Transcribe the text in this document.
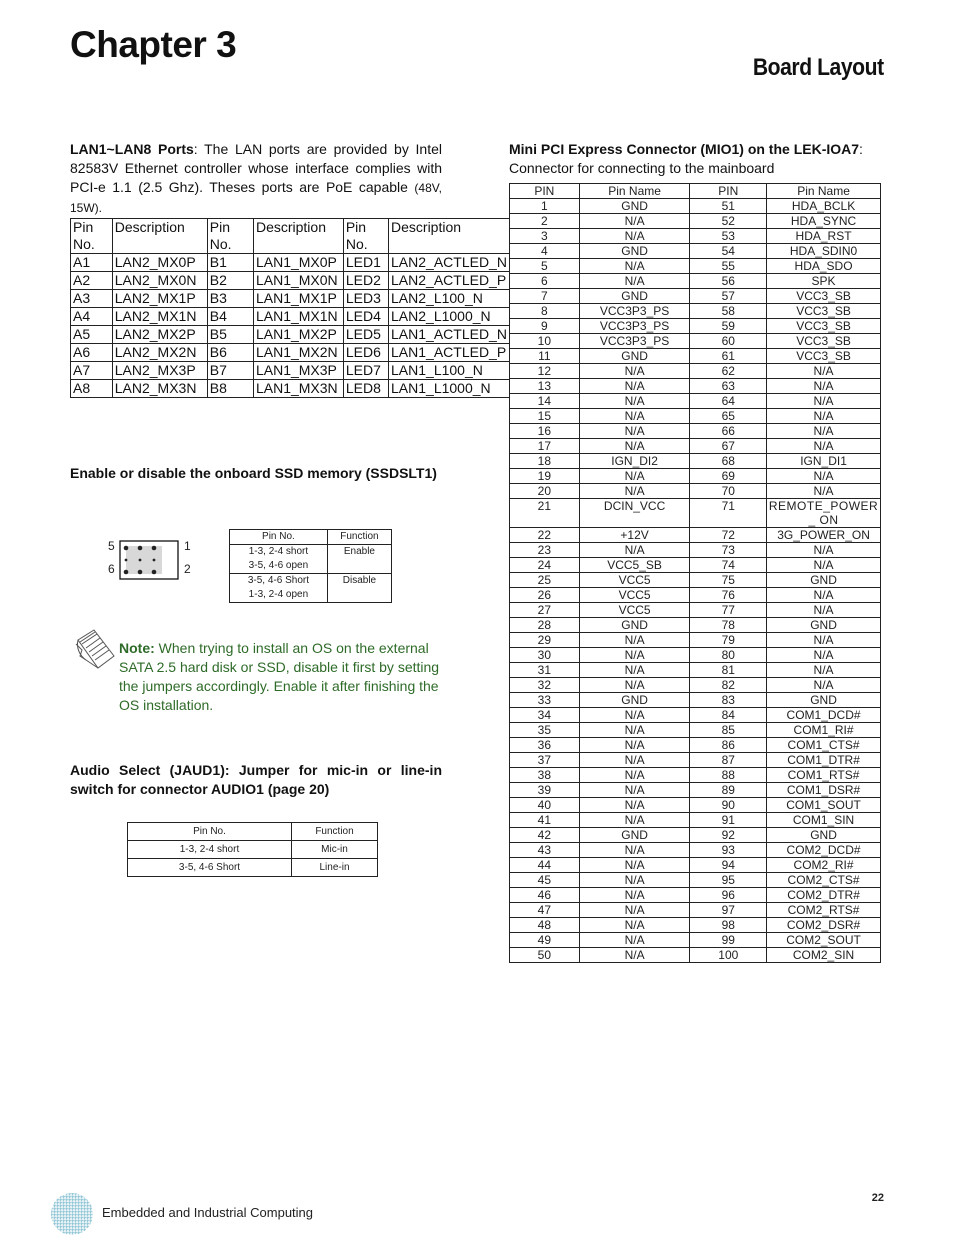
Chapter 3
Board Layout
LAN1~LAN8 Ports: The LAN ports are provided by Intel 82583V Ethernet controller whose interface complies with PCI-e 1.1 (2.5 Ghz). Theses ports are PoE capable (48V, 15W).
Pin No.	Description	Pin No.	Description	Pin No.	Description
A1	LAN2_MX0P	B1	LAN1_MX0P	LED1	LAN2_ACTLED_N
A2	LAN2_MX0N	B2	LAN1_MX0N	LED2	LAN2_ACTLED_P
A3	LAN2_MX1P	B3	LAN1_MX1P	LED3	LAN2_L100_N
A4	LAN2_MX1N	B4	LAN1_MX1N	LED4	LAN2_L1000_N
A5	LAN2_MX2P	B5	LAN1_MX2P	LED5	LAN1_ACTLED_N
A6	LAN2_MX2N	B6	LAN1_MX2N	LED6	LAN1_ACTLED_P
A7	LAN2_MX3P	B7	LAN1_MX3P	LED7	LAN1_L100_N
A8	LAN2_MX3N	B8	LAN1_MX3N	LED8	LAN1_L1000_N
Enable or disable the onboard SSD memory (SSDSLT1)
5
6
1
2
Pin No.	Function

1-3, 2-4 short
3-5, 4-6 open	Enable

3-5, 4-6 Short
1-3, 2-4 open	Disable
Note: When trying to install an OS on the external SATA 2.5 hard disk or SSD, disable it first by setting the jumpers accordingly. Enable it after finishing the OS installation.
Audio Select (JAUD1): Jumper for mic-in or line-in switch for connector AUDIO1 (page 20)
Pin No.	Function
1-3, 2-4 short	Mic-in
3-5, 4-6 Short	Line-in
Mini PCI Express Connector (MIO1) on the LEK-IOA7:
Connector for connecting to the mainboard
PIN	Pin Name	PIN	Pin Name
1	GND	51	HDA_BCLK
2	N/A	52	HDA_SYNC
3	N/A	53	HDA_RST
4	GND	54	HDA_SDIN0
5	N/A	55	HDA_SDO
6	N/A	56	SPK
7	GND	57	VCC3_SB
8	VCC3P3_PS	58	VCC3_SB
9	VCC3P3_PS	59	VCC3_SB
10	VCC3P3_PS	60	VCC3_SB
11	GND	61	VCC3_SB
12	N/A	62	N/A
13	N/A	63	N/A
14	N/A	64	N/A
15	N/A	65	N/A
16	N/A	66	N/A
17	N/A	67	N/A
18	IGN_DI2	68	IGN_DI1
19	N/A	69	N/A
20	N/A	70	N/A
21	DCIN_VCC	71	REMOTE_POWER_ ON
22	+12V	72	3G_POWER_ON
23	N/A	73	N/A
24	VCC5_SB	74	N/A
25	VCC5	75	GND
26	VCC5	76	N/A
27	VCC5	77	N/A
28	GND	78	GND
29	N/A	79	N/A
30	N/A	80	N/A
31	N/A	81	N/A
32	N/A	82	N/A
33	GND	83	GND
34	N/A	84	COM1_DCD#
35	N/A	85	COM1_RI#
36	N/A	86	COM1_CTS#
37	N/A	87	COM1_DTR#
38	N/A	88	COM1_RTS#
39	N/A	89	COM1_DSR#
40	N/A	90	COM1_SOUT
41	N/A	91	COM1_SIN
42	GND	92	GND
43	N/A	93	COM2_DCD#
44	N/A	94	COM2_RI#
45	N/A	95	COM2_CTS#
46	N/A	96	COM2_DTR#
47	N/A	97	COM2_RTS#
48	N/A	98	COM2_DSR#
49	N/A	99	COM2_SOUT
50	N/A	100	COM2_SIN
Embedded and Industrial Computing
22
